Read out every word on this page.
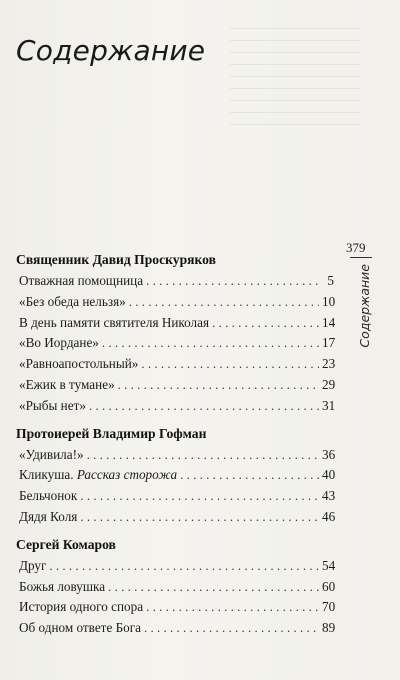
Содержание
379
Содержание
Священник Давид Проскуряков
Отважная помощница . . .	5
«Без обеда нельзя» . . .	10
В день памяти святителя Николая . . .	14
«Во Иордане» . . .	17
«Равноапостольный» . . .	23
«Ежик в тумане» . . .	29
«Рыбы нет» . . .	31
Протоиерей Владимир Гофман
«Удивила!» . . .	36
Кликуша. Рассказ сторожа . . .	40
Бельчонок . . .	43
Дядя Коля . . .	46
Сергей Комаров
Друг . . .	54
Божья ловушка . . .	60
История одного спора . . .	70
Об одном ответе Бога . . .	89
